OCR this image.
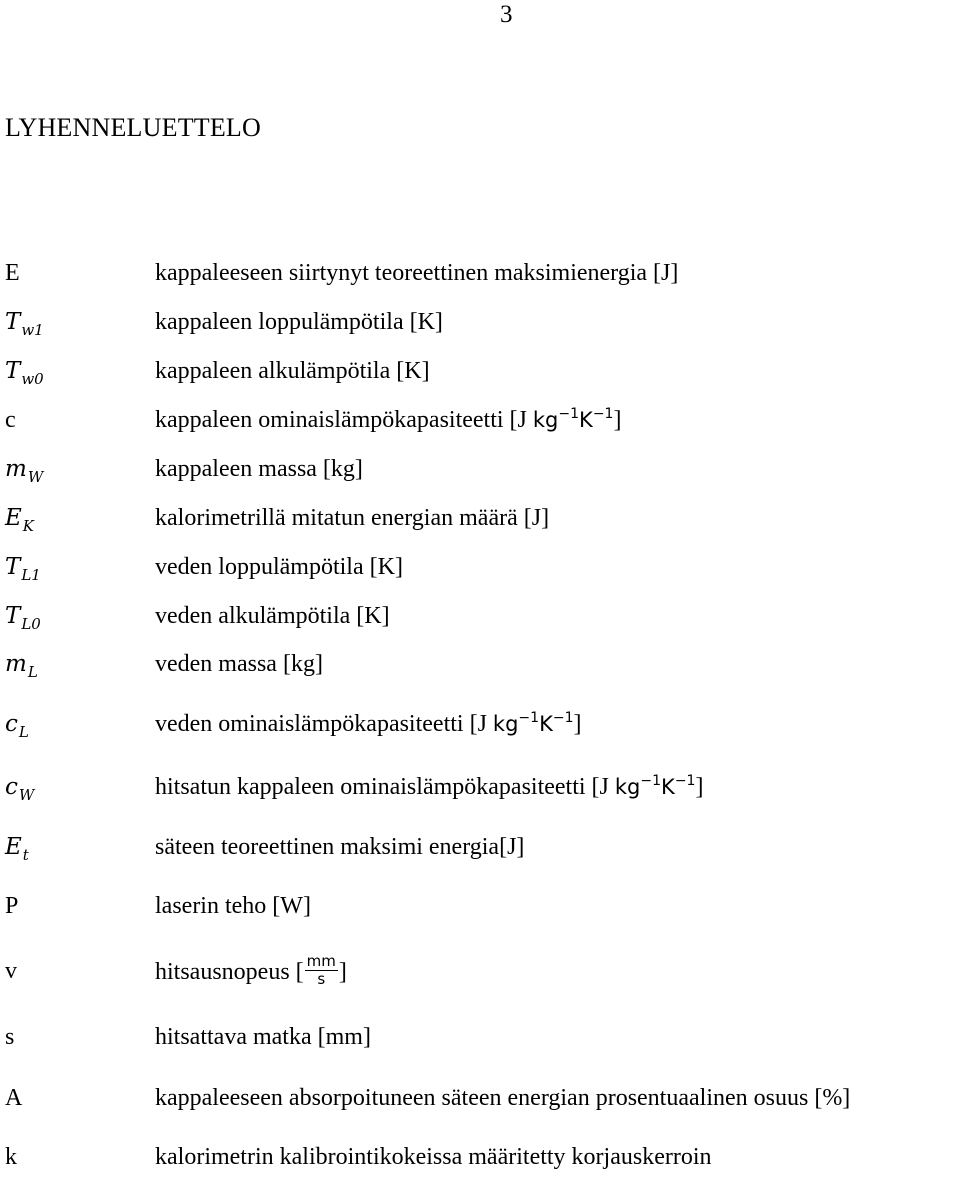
3
LYHENNELUETTELO
E	kappaleeseen siirtynyt teoreettinen maksimienergia [J]
$T_{w1}$	kappaleen loppulämpötila [K]
$T_{w0}$	kappaleen alkulämpötila [K]
c	kappaleen ominaislämpökapasiteetti [J $kg^{-1}K^{-1}$]
$m_W$	kappaleen massa [kg]
$E_K$	kalorimetrillä mitatun energian määrä [J]
$T_{L1}$	veden loppulämpötila [K]
$T_{L0}$	veden alkulämpötila [K]
$m_L$	veden massa [kg]
$c_L$	veden ominaislämpökapasiteetti [J $kg^{-1}K^{-1}$]
$c_W$	hitsatun kappaleen ominaislämpökapasiteetti [J $kg^{-1}K^{-1}$]
$E_t$	säteen teoreettinen maksimi energia[J]
P	laserin teho [W]
v	hitsausnopeus [ $\frac{mm}{s}$ ]
s	hitsattava matka [mm]
A	kappaleeseen absorpoituneen säteen energian prosentuaalinen osuus [%]
k	kalorimetrin kalibrointikokeissa määritetty korjauskerroin
